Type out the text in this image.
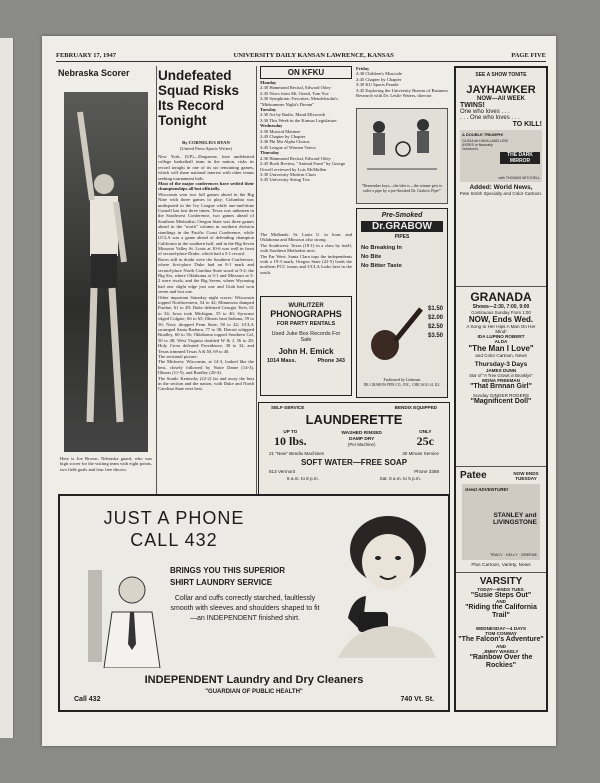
FEBRUARY 17, 1947	UNIVERSITY DAILY KANSAN LAWRENCE, KANSAS	PAGE FIVE
Nebraska Scorer

Here is Joe Brown, Nebraska guard, who was high scorer for the visiting team with eight points, two field goals and four free throws.

Undefeated Squad Risks Its Record Tonight
By CORNELIUS RYAN
(United Press Sports Writer)

New York, (UP)—Duquesne, lone undefeated college basketball team in the nation, risks its record tonight in one of its six remaining games, which will share national interest with other teams seeking tournament bids.

Most of the major conferences have settled their championships all but officially.

Wisconsin won two full games ahead in the Big Nine with three games to play; Columbia was undisputed in the Ivy League while one-and-done Cornell has lost three times; Texas was unbeaten in the Southwest Conference, two games ahead of Southern Methodist; Oregon State was three games ahead in the "north" column in northern division standings in the Pacific Coast Conference, while UCLA was a game ahead of defending champion California in the southern half, and in the Big Seven Missouri Valley St. Louis at 10-6 was well in front of second-place Drake, which had a 5-1 record.

Races still in doubt were the Southern Conference, where first-place Duke had an 8-1 mark and second-place North Carolina State stood at 9-2; the Big Six, where Oklahoma at 3-1 and Missouri at 3-2 were rivals, and the Big Seven, where Wyoming had one slight edge just one and Utah had won seven and lost one.

Other important Saturday night scores: Wisconsin topped Northwestern, 54 to 42; Minnesota dumped Purdue, 61 to 49; Duke defeated Georgia Tech, 61 to 34; Iowa took Michigan, 55 to 40; Syracuse edged Colgate, 66 to 65; Illinois beat Indiana, 59 to 50; Navy dropped Penn State, 58 to 42; UCLA swamped Santa Barbara, 77 to 38; Detroit whipped Bradley, 60 to 56; Oklahoma topped Southern Cal, 50 to 48; West Virginia doubled W & J, 56 to 28; Holy Cross defeated Providence, 38 to 34, and Texas trimmed Texas A & M, 69 to 40.

The sectional picture:

The Midwest: Wisconsin, at 14-3, looked like the best, closely followed by Notre Dame (14-3), Illinois (11-5), and Bradley (20-4).

The South: Kentucky (22-2) far and away the best in the section and the nation, with Duke and North Carolina State next best.

ON KFKU
Monday
2:30 Hammond Recital, Edward Otley
2:45 News from Mt. Oread, Tom Yoe
3:30 Symphonic Favorites: Mendelssohn's "Midsummer Night's Dream"
Tuesday
2:30 Art by Radio, Maud Ellsworth
3:30 This Week in the Kansas Legislature
Wednesday
2:30 Musical Matinee
2:45 Chapter by Chapter
3:30 Phi Mu Alpha Chorus
3:45 League of Women Voters
Thursday
2:30 Hammond Recital, Edward Otley
2:45 Book Review, "Animal Farm" by George Orwell reviewed by Lois McMullen
3:30 University Modern Choir
3:45 University String Trio

The Midlands: St. Louis U. in front, and Oklahoma and Missouri also strong.

The Southwest: Texas (18-1) in a class by itself, with Southern Methodist next.

The Far West: Santa Clara tops the independents with a 19-3 mark; Oregon State (22-5) leads the northern PCC teams and UCLA looks best in the south.

Friday
2:30 Children's Musicale
2:45 Chapter by Chapter
3:30 KU Sports Parade
3:45 Exploring the University Bureau of Business Research with Dr. Leslie Waters, director.
"Remember boys—the idea is—the winner gets to order a pipe by a pre-Smoked Dr. Grabow Pipe!"
Pre-Smoked
Dr.GRABOW
PIPES
No Breaking In
No Bite
No Bitter Taste
$1.50
$2.00
$2.50
$3.50
Fashioned by Linkman
DR. GRABOW PIPE CO., INC., CHICAGO 14, ILL
WURLITZER
PHONOGRAPHS
FOR PARTY RENTALS
Used Juke Box Records For Sale
John H. Emick
1014 Mass.	Phone 343
SELF-SERVICE	BENDIX EQUIPPED
LAUNDERETTE
UP TO
10 lbs.
WASHED RINSED DAMP DRY
(Per Machine)
ONLY
25c
21 "New" Bendix Machines	30 Minute Service
SOFT WATER—FREE SOAP
813 Vermont	Phone 3368
8 a.m. to 8 p.m.	Sat. 8 a.m. to 5 p.m.
JUST A PHONE
CALL 432
BRINGS YOU THIS SUPERIOR
SHIRT LAUNDRY SERVICE
Collar and cuffs correctly starched, faultlessly smooth with sleeves and shoulders shaped to fit—an INDEPENDENT finished shirt.
INDEPENDENT Laundry and Dry Cleaners
"GUARDIAN OF PUBLIC HEALTH"
Call 432	740 Vt. St.
SEE A SHOW TONITE
JAYHAWKER
NOW—All WEEK
TWINS!
One who loves . . .
. . . One who loves . . .
TO KILL!
A DOUBLE TRIUMPH!
OLIVIA de HAVILLAND LEW AYRES in Nunnally Johnson's
THE DARK MIRROR
with THOMAS MITCHELL
Added: World News,
Pete Smith Specialty and Color Cartoon.
GRANADA
Shows—2:30, 7:00, 9:00
Continuous Sunday From 1:00
NOW, Ends Wed.
A Song to Her Hips A Man On Her Mind!
IDA LUPINO ROBERT ALDA
"The Man I Love"
and Color Cartoon, News
Thursday-3 Days
JAMES DUNN
Star of "A Tree Grows in Brooklyn"
MONA FREEMAN
"That Brnnan Girl"
Sunday GINGER ROGERS
"Magnificent Doll"
Patee	NOW ENDS TUESDAY
Great ADVENTURE!
STANLEY and LIVINGSTONE
TRACY · KELLY · GREENE
Plus Cartoon, Variety, News
VARSITY
TODAY—ENDS TUES.
"Susie Steps Out"
AND
"Riding the California Trail"
WEDNESDAY—4 DAYS
TOM CONWAY
"The Falcon's Adventure"
AND
JIMMY WAKELY
"Rainbow Over the Rockies"
